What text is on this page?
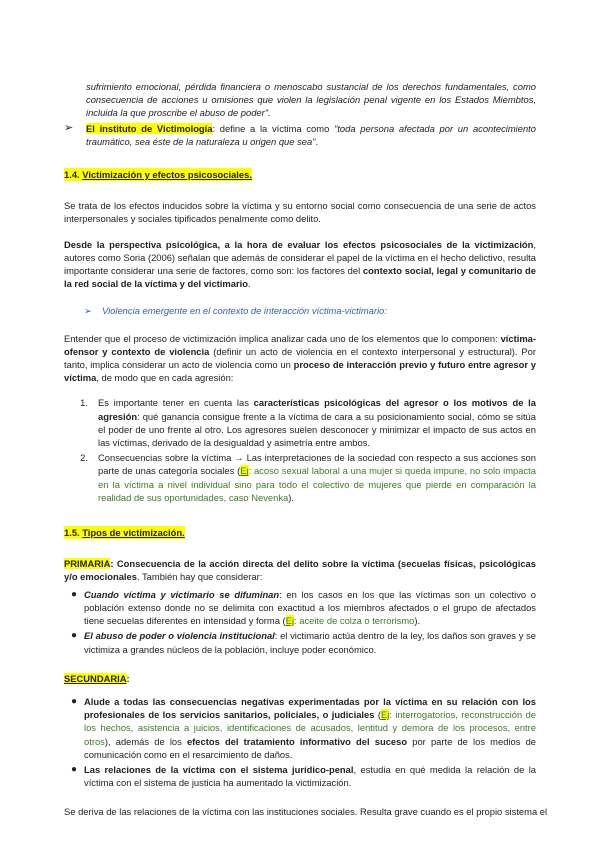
sufrimiento emocional, pérdida financiera o menoscabo sustancial de los derechos fundamentales, como consecuencia de acciones u omisiones que violen la legislación penal vigente en los Estados Miembtos, incluida la que proscribe el abuso de poder".

➢	El instituto de Victimología: define a la víctima como "toda persona afectada por un acontecimiento traumático, sea éste de la naturaleza u origen que sea".

1.4. Victimización y efectos psicosociales.

Se trata de los efectos inducidos sobre la víctima y su entorno social como consecuencia de una serie de actos interpersonales y sociales tipificados penalmente como delito.

Desde la perspectiva psicológica, a la hora de evaluar los efectos psicosociales de la victimización, autores como Soria (2006) señalan que además de considerar el papel de la víctima en el hecho delictivo, resulta importante considerar una serie de factores, como son: los factores del contexto social, legal y comunitario de la red social de la víctima y del victimario.

➢	Violencia emergente en el contexto de interacción víctima-victimario:

Entender que el proceso de victimización implica analizar cada uno de los elementos que lo componen: víctima-ofensor y contexto de violencia (definir un acto de violencia en el contexto interpersonal y estructural). Por tanto, implica considerar un acto de violencia como un proceso de interacción previo y futuro entre agresor y víctima, de modo que en cada agresión:

1.	Es importante tener en cuenta las características psicológicas del agresor o los motivos de la agresión: qué ganancia consigue frente a la víctima de cara a su posicionamiento social, cómo se sitúa el poder de uno frente al otro. Los agresores suelen desconocer y minimizar el impacto de sus actos en las víctimas, derivado de la desigualdad y asimetría entre ambos.

2.	Consecuencias sobre la víctima → Las interpretaciones de la sociedad con respecto a sus acciones son parte de unas categoría sociales (Ej: acoso sexual laboral a una mujer si queda impune, no solo impacta en la víctima a nivel individual sino para todo el colectivo de mujeres que pierde en comparación la realidad de sus oportunidades, caso Nevenka).

1.5. Tipos de victimización.

PRIMARIA: Consecuencia de la acción directa del delito sobre la víctima (secuelas físicas, psicológicas y/o emocionales. También hay que considerar:

● Cuando víctima y victimario se difuminan: en los casos en los que las víctimas son un colectivo o población extenso donde no se delimita con exactitud a los miembros afectados o el grupo de afectados tiene secuelas diferentes en intensidad y forma (Ej: aceite de colza o terrorismo).

● El abuso de poder o violencia institucional: el victimario actúa dentro de la ley, los daños son graves y se victimiza a grandes núcleos de la población, incluye poder económico.

SECUNDARIA:

● Alude a todas las consecuencias negativas experimentadas por la víctima en su relación con los profesionales de los servicios sanitarios, policiales, o judiciales (Ej: interrogatorios, reconstrucción de los hechos, asistencia a juicios, identificaciones de acusados, lentitud y demora de los procesos, entre otros), además de los efectos del tratamiento informativo del suceso por parte de los medios de comunicación como en el resarcimiento de daños.

● Las relaciones de la víctima con el sistema jurídico-penal, estudia en qué medida la relación de la víctima con el sistema de justicia ha aumentado la victimización.

Se deriva de las relaciones de la víctima con las instituciones sociales. Resulta grave cuando es el propio sistema el
